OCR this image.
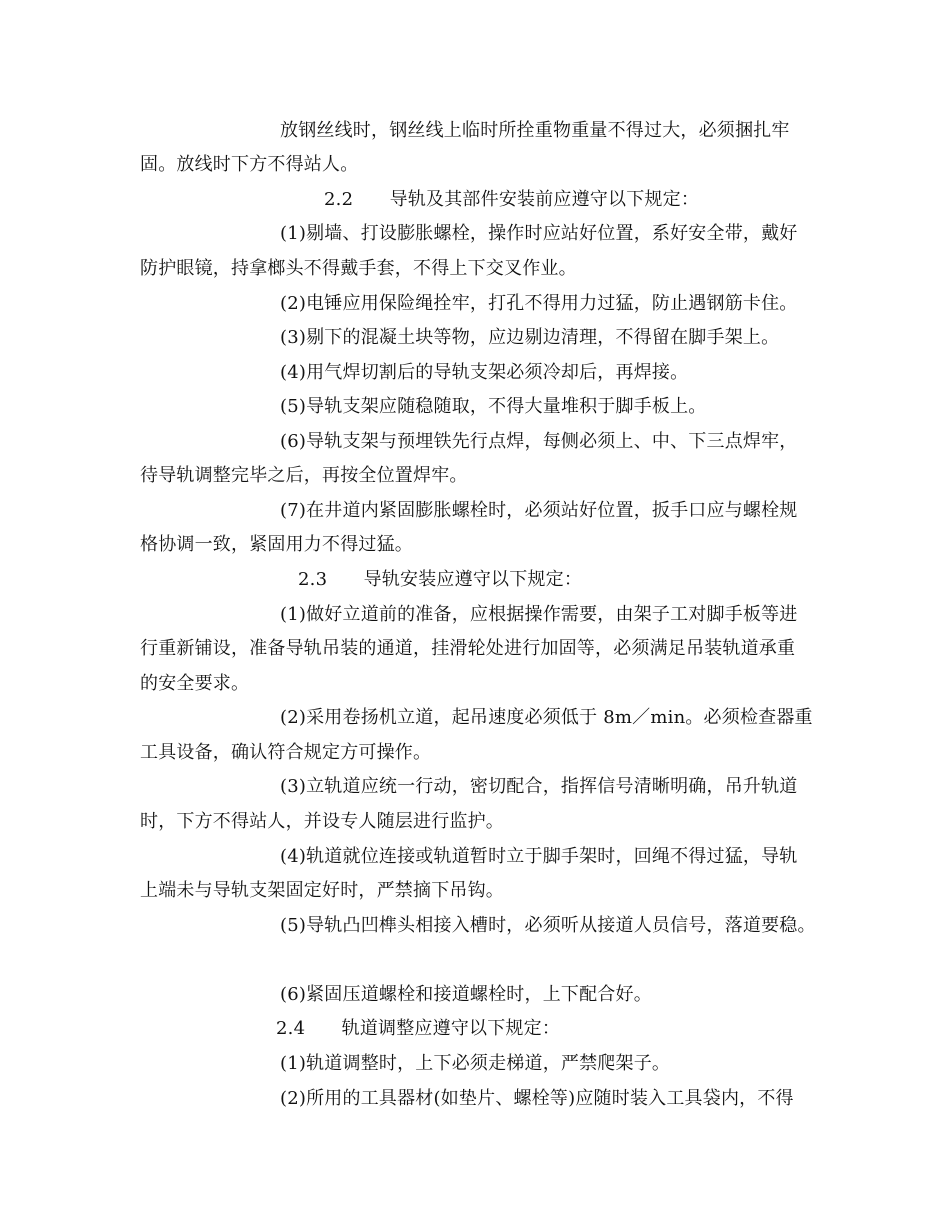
放钢丝线时，钢丝线上临时所拴重物重量不得过大，必须捆扎牢
固。放线时下方不得站人。
2.2　　导轨及其部件安装前应遵守以下规定：
(1)剔墙、打设膨胀螺栓，操作时应站好位置，系好安全带，戴好
防护眼镜，持拿榔头不得戴手套，不得上下交叉作业。
(2)电锤应用保险绳拴牢，打孔不得用力过猛，防止遇钢筋卡住。
(3)剔下的混凝土块等物，应边剔边清理，不得留在脚手架上。
(4)用气焊切割后的导轨支架必须冷却后，再焊接。
(5)导轨支架应随稳随取，不得大量堆积于脚手板上。
(6)导轨支架与预埋铁先行点焊，每侧必须上、中、下三点焊牢，
待导轨调整完毕之后，再按全位置焊牢。
(7)在井道内紧固膨胀螺栓时，必须站好位置，扳手口应与螺栓规
格协调一致，紧固用力不得过猛。
2.3　　导轨安装应遵守以下规定：
(1)做好立道前的准备，应根据操作需要，由架子工对脚手板等进
行重新铺设，准备导轨吊装的通道，挂滑轮处进行加固等，必须满足吊装轨道承重
的安全要求。
(2)采用卷扬机立道，起吊速度必须低于 8m／min。必须检查器重
工具设备，确认符合规定方可操作。
(3)立轨道应统一行动，密切配合，指挥信号清晰明确，吊升轨道
时，下方不得站人，并设专人随层进行监护。
(4)轨道就位连接或轨道暂时立于脚手架时，回绳不得过猛，导轨
上端未与导轨支架固定好时，严禁摘下吊钩。
(5)导轨凸凹榫头相接入槽时，必须听从接道人员信号，落道要稳。
(6)紧固压道螺栓和接道螺栓时，上下配合好。
2.4　　轨道调整应遵守以下规定：
(1)轨道调整时，上下必须走梯道，严禁爬架子。
(2)所用的工具器材(如垫片、螺栓等)应随时装入工具袋内，不得
